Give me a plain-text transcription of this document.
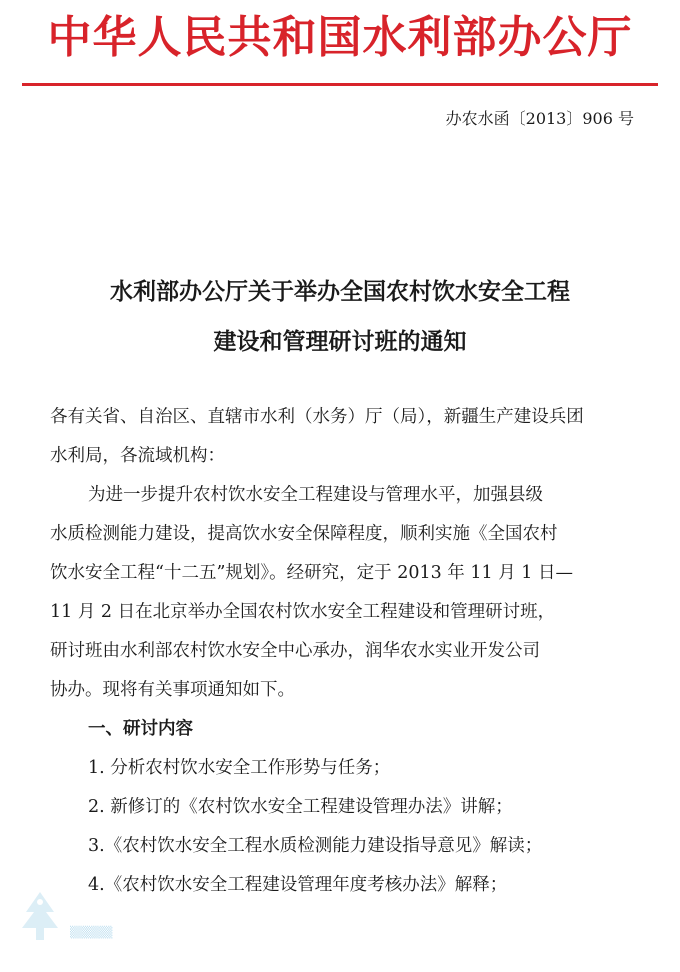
中华人民共和国水利部办公厅
办农水函〔2013〕906 号
水利部办公厅关于举办全国农村饮水安全工程
建设和管理研讨班的通知

各有关省、自治区、直辖市水利（水务）厅（局），新疆生产建设兵团

水利局，各流域机构：

为进一步提升农村饮水安全工程建设与管理水平，加强县级

水质检测能力建设，提高饮水安全保障程度，顺利实施《全国农村

饮水安全工程“十二五”规划》。经研究，定于 2013 年 11 月 1 日—

11 月 2 日在北京举办全国农村饮水安全工程建设和管理研讨班，

研讨班由水利部农村饮水安全中心承办，润华农水实业开发公司

协办。现将有关事项通知如下。

一、研讨内容

1. 分析农村饮水安全工作形势与任务；

2. 新修订的《农村饮水安全工程建设管理办法》讲解；

3.《农村饮水安全工程水质检测能力建设指导意见》解读；

4.《农村饮水安全工程建设管理年度考核办法》解释；

▒▒▒▒▒
